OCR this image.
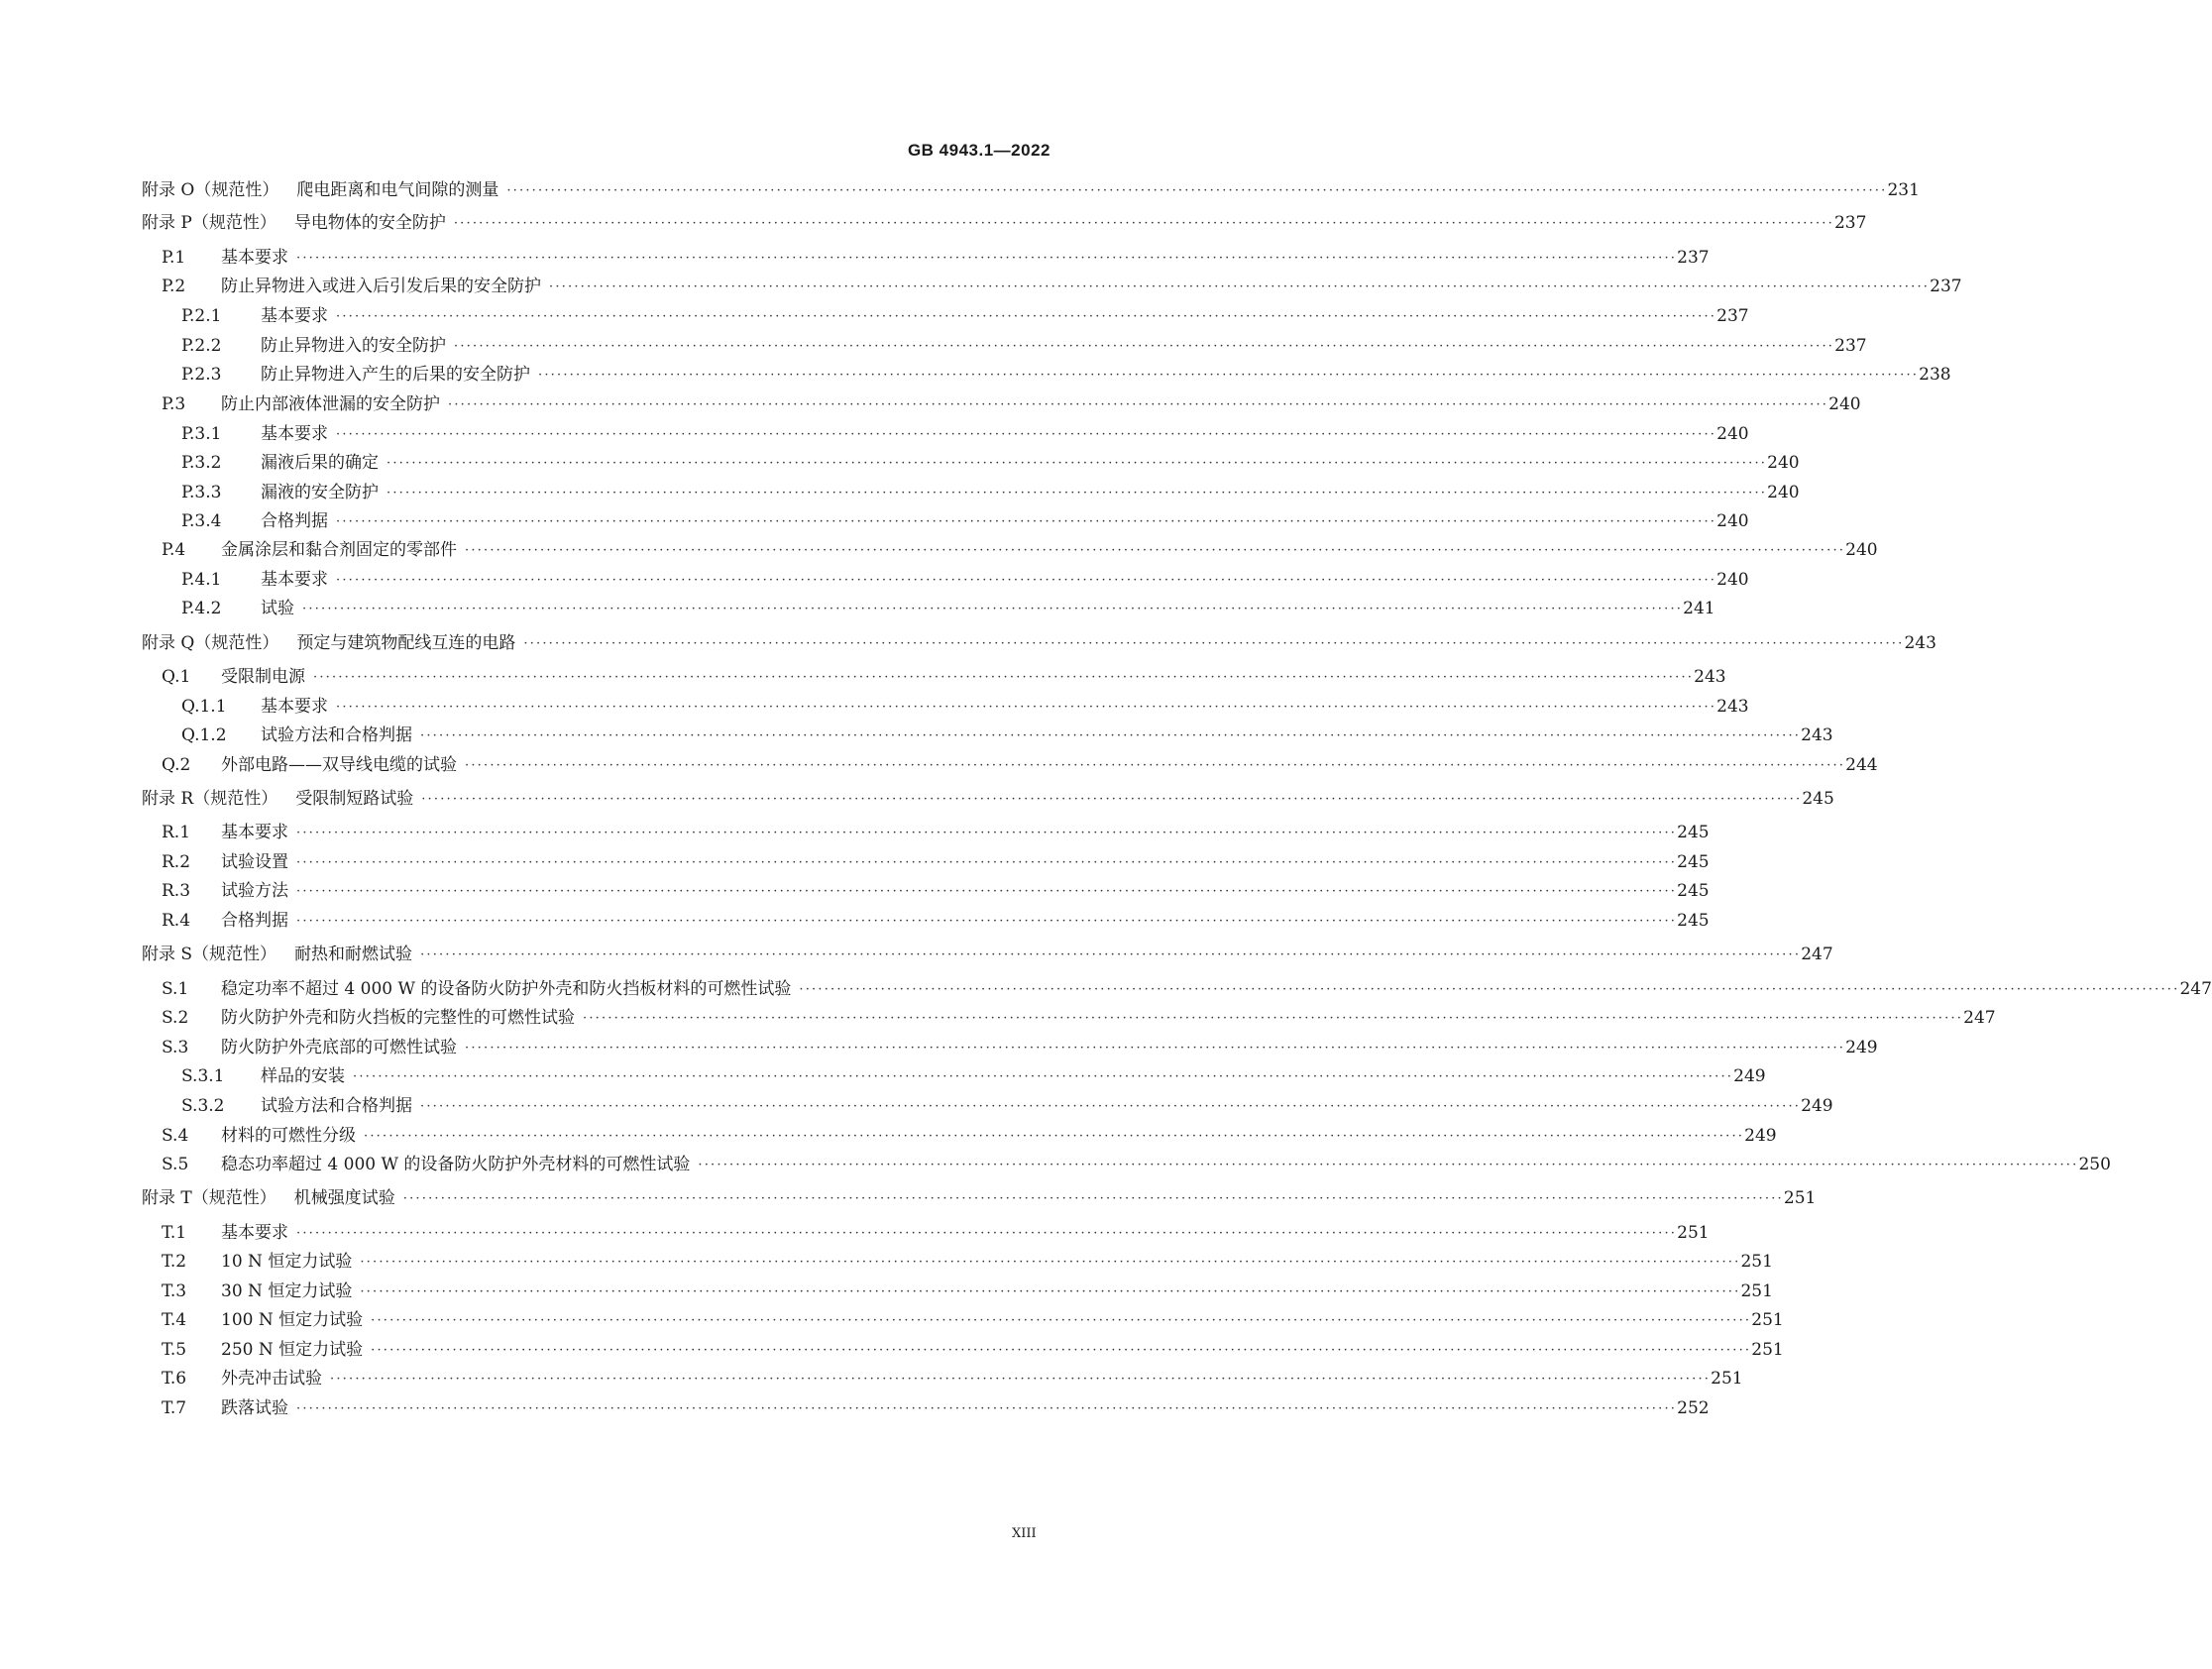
GB 4943.1—2022
附录 O（规范性）	爬电距离和电气间隙的测量 ···························································································································································································································· 231
附录 P（规范性）	导电物体的安全防护 ···························································································································································································································· 237
P.1	基本要求 ···························································································································································································································· 237
P.2	防止异物进入或进入后引发后果的安全防护 ···························································································································································································································· 237
P.2.1	基本要求 ···························································································································································································································· 237
P.2.2	防止异物进入的安全防护 ···························································································································································································································· 237
P.2.3	防止异物进入产生的后果的安全防护 ···························································································································································································································· 238
P.3	防止内部液体泄漏的安全防护 ···························································································································································································································· 240
P.3.1	基本要求 ···························································································································································································································· 240
P.3.2	漏液后果的确定 ···························································································································································································································· 240
P.3.3	漏液的安全防护 ···························································································································································································································· 240
P.3.4	合格判据 ···························································································································································································································· 240
P.4	金属涂层和黏合剂固定的零部件 ···························································································································································································································· 240
P.4.1	基本要求 ···························································································································································································································· 240
P.4.2	试验 ···························································································································································································································· 241
附录 Q（规范性）	预定与建筑物配线互连的电路 ···························································································································································································································· 243
Q.1	受限制电源 ···························································································································································································································· 243
Q.1.1	基本要求 ···························································································································································································································· 243
Q.1.2	试验方法和合格判据 ···························································································································································································································· 243
Q.2	外部电路——双导线电缆的试验 ···························································································································································································································· 244
附录 R（规范性）	受限制短路试验 ···························································································································································································································· 245
R.1	基本要求 ···························································································································································································································· 245
R.2	试验设置 ···························································································································································································································· 245
R.3	试验方法 ···························································································································································································································· 245
R.4	合格判据 ···························································································································································································································· 245
附录 S（规范性）	耐热和耐燃试验 ···························································································································································································································· 247
S.1	稳定功率不超过 4 000 W 的设备防火防护外壳和防火挡板材料的可燃性试验 ···························································································································································································································· 247
S.2	防火防护外壳和防火挡板的完整性的可燃性试验 ···························································································································································································································· 247
S.3	防火防护外壳底部的可燃性试验 ···························································································································································································································· 249
S.3.1	样品的安装 ···························································································································································································································· 249
S.3.2	试验方法和合格判据 ···························································································································································································································· 249
S.4	材料的可燃性分级 ···························································································································································································································· 249
S.5	稳态功率超过 4 000 W 的设备防火防护外壳材料的可燃性试验 ···························································································································································································································· 250
附录 T（规范性）	机械强度试验 ···························································································································································································································· 251
T.1	基本要求 ···························································································································································································································· 251
T.2	10 N 恒定力试验 ···························································································································································································································· 251
T.3	30 N 恒定力试验 ···························································································································································································································· 251
T.4	100 N 恒定力试验 ···························································································································································································································· 251
T.5	250 N 恒定力试验 ···························································································································································································································· 251
T.6	外壳冲击试验 ···························································································································································································································· 251
T.7	跌落试验 ···························································································································································································································· 252
XIII
